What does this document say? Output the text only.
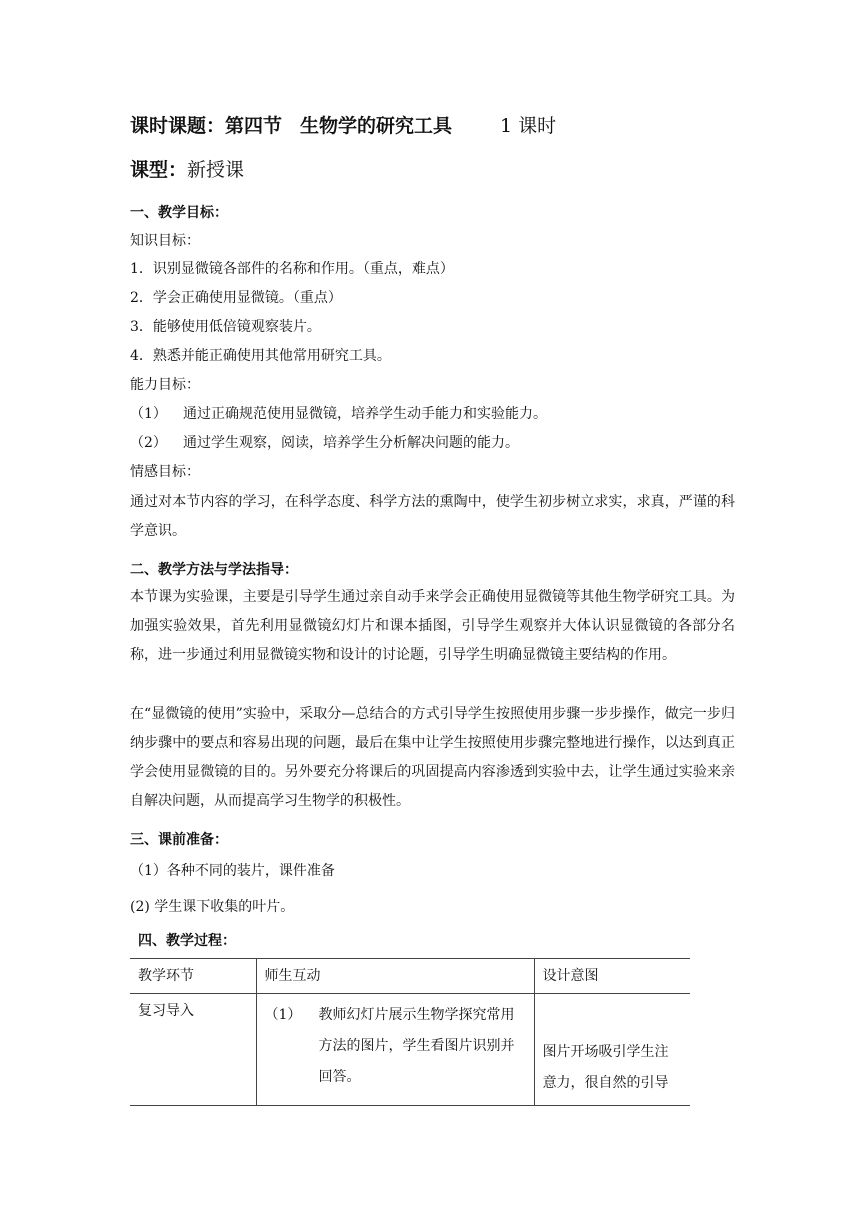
课时课题：第四节 生物学的研究工具	1 课时
课型：新授课
一、教学目标：
知识目标：
1．识别显微镜各部件的名称和作用。（重点，难点）
2．学会正确使用显微镜。（重点）
3．能够使用低倍镜观察装片。
4．熟悉并能正确使用其他常用研究工具。
能力目标：
（1） 通过正确规范使用显微镜，培养学生动手能力和实验能力。
（2） 通过学生观察，阅读，培养学生分析解决问题的能力。
情感目标：
通过对本节内容的学习，在科学态度、科学方法的熏陶中，使学生初步树立求实，求真，严谨的科学意识。
二、教学方法与学法指导：
本节课为实验课，主要是引导学生通过亲自动手来学会正确使用显微镜等其他生物学研究工具。为加强实验效果，首先利用显微镜幻灯片和课本插图，引导学生观察并大体认识显微镜的各部分名称，进一步通过利用显微镜实物和设计的讨论题，引导学生明确显微镜主要结构的作用。
在“显微镜的使用”实验中，采取分—总结合的方式引导学生按照使用步骤一步步操作，做完一步归纳步骤中的要点和容易出现的问题，最后在集中让学生按照使用步骤完整地进行操作，以达到真正学会使用显微镜的目的。另外要充分将课后的巩固提高内容渗透到实验中去，让学生通过实验来亲自解决问题，从而提高学习生物学的积极性。
三、课前准备：
（1）各种不同的装片，课件准备
(2) 学生课下收集的叶片。
四、教学过程：
教学环节	师生互动	设计意图
复习导入	（1） 教师幻灯片展示生物学探究常用方法的图片，学生看图片识别并回答。	图片开场吸引学生注意力，很自然的引导
